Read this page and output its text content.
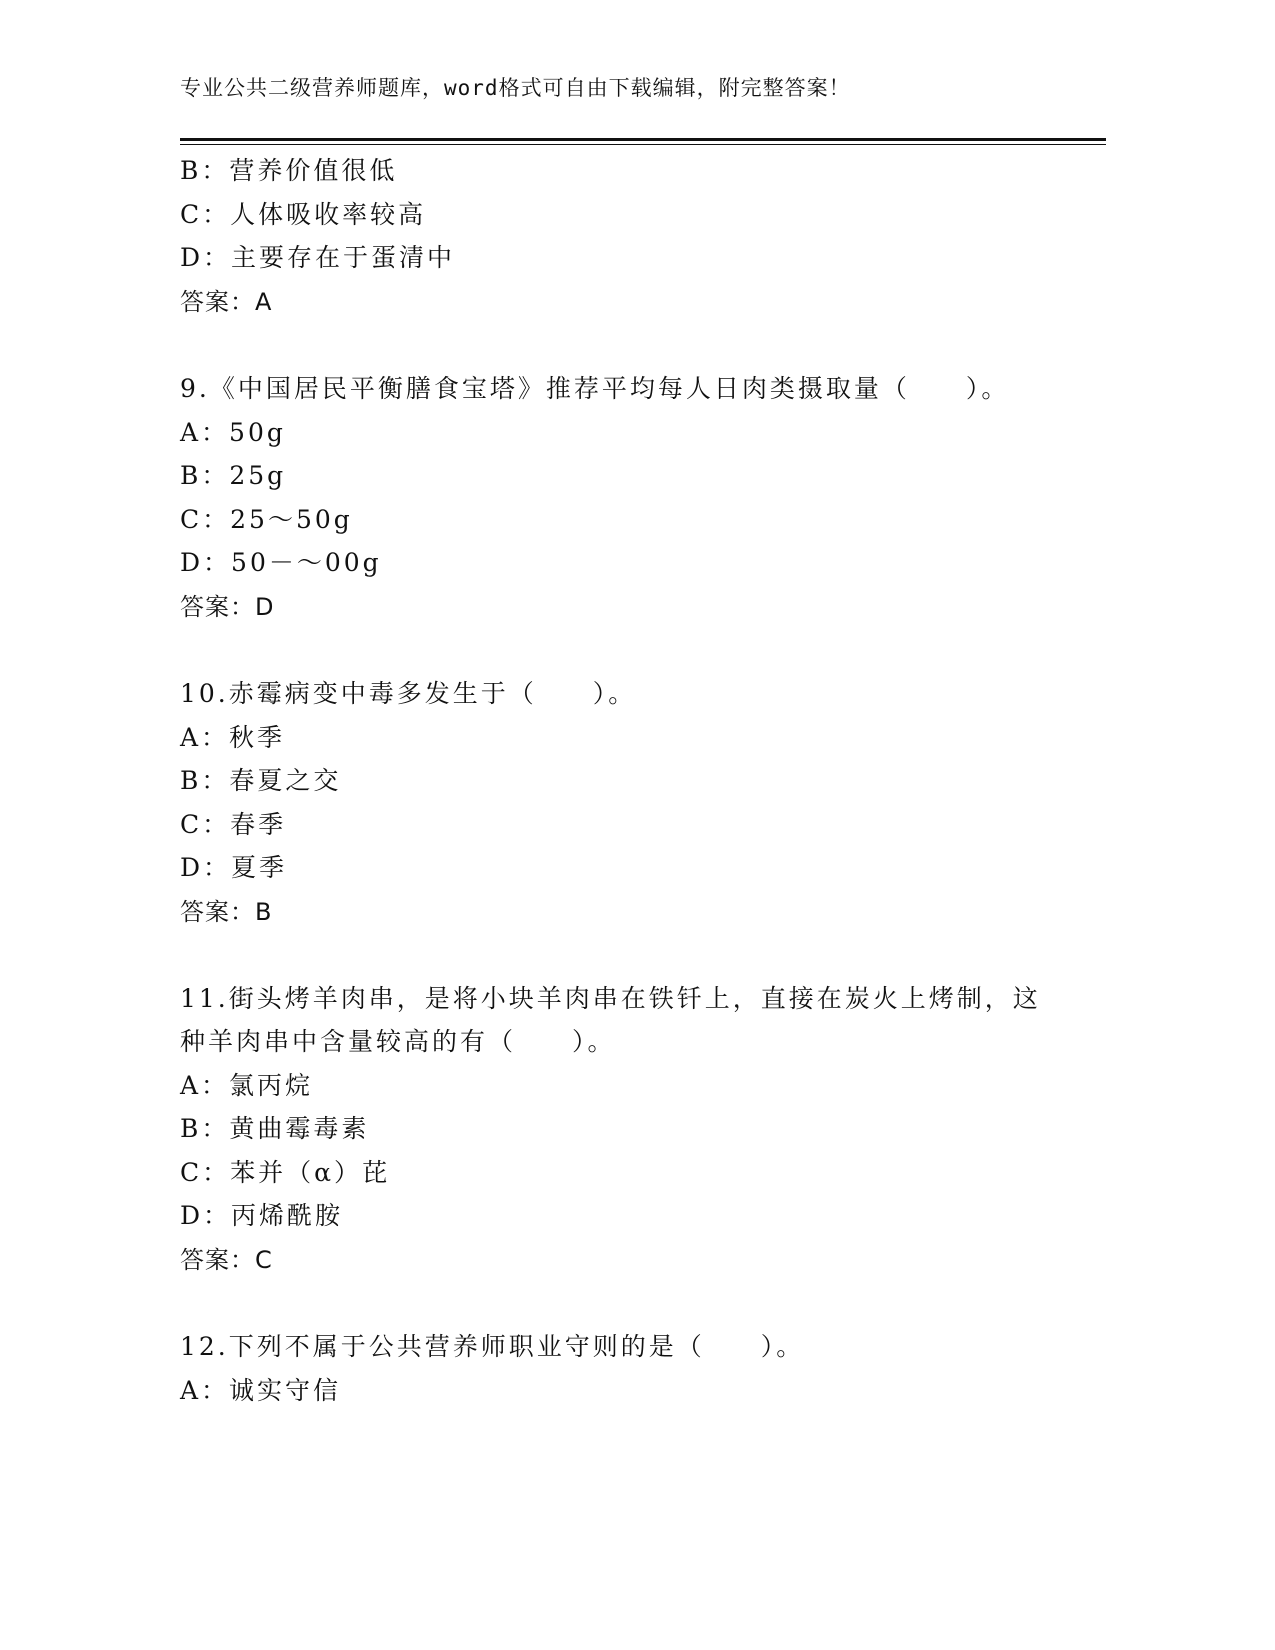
专业公共二级营养师题库，word格式可自由下载编辑，附完整答案！
B：营养价值很低
C：人体吸收率较高
D：主要存在于蛋清中
答案：A
9.《中国居民平衡膳食宝塔》推荐平均每人日肉类摄取量（　　）。
A：50g
B：25g
C：25～50g
D：50－～00g
答案：D
10.赤霉病变中毒多发生于（　　）。
A：秋季
B：春夏之交
C：春季
D：夏季
答案：B
11.街头烤羊肉串，是将小块羊肉串在铁钎上，直接在炭火上烤制，这
种羊肉串中含量较高的有（　　）。
A：氯丙烷
B：黄曲霉毒素
C：苯并（α）芘
D：丙烯酰胺
答案：C
12.下列不属于公共营养师职业守则的是（　　）。
A：诚实守信
